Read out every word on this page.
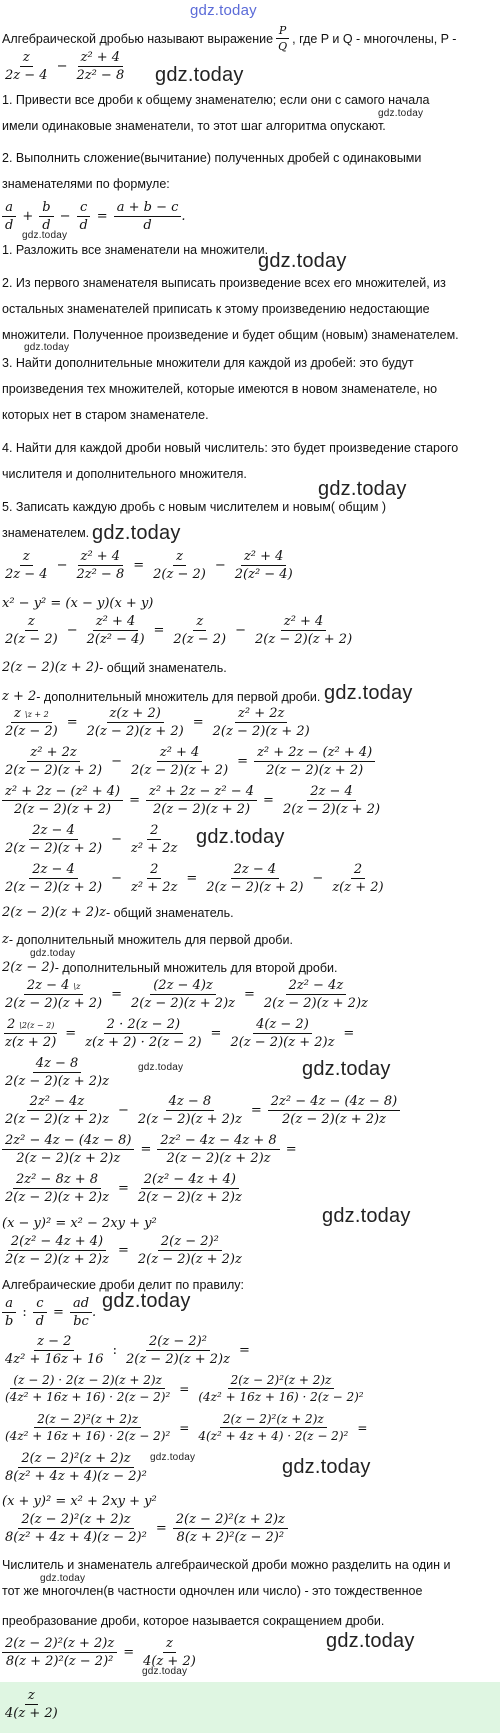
gdz.today
Алгебраической дробью называют выражение $\frac{P}{Q}$ , где P и Q - многочлены, P -
$\frac{z}{2z - 4} - \frac{\text{z² + 4}}{\text{2z² − 8}}$ gdz.today
1. Привести все дроби к общему знаменателю; если они с самого начала
gdz.today
имели одинаковые знаменатели, то этот шаг алгоритма опускают.
2. Выполнить сложение(вычитание) полученных дробей с одинаковыми
знаменателями по формуле:
$\frac{a}{d} + \frac{b}{d} - \frac{c}{d} = \frac{a + b - c}{d}$ .
gdz.today
1. Разложить все знаменатели на множители.
gdz.today
2. Из первого знаменателя выписать произведение всех его множителей, из
остальных знаменателей приписать к этому произведению недостающие
множители. Полученное произведение и будет общим (новым) знаменателем.
gdz.today
3. Найти дополнительные множители для каждой из дробей: это будут
произведения тех множителей, которые имеются в новом знаменателе, но
которых нет в старом знаменателе.
4. Найти для каждой дроби новый числитель: это будет произведение старого
числителя и дополнительного множителя.
gdz.today
5. Записать каждую дробь с новым числителем и новым( общим )
знаменателем. gdz.today
$\frac{z}{2z - 4} - \frac{\text{z² + 4}}{\text{2z² − 8}} = \frac{z}{2(z - 2)} - \frac{\text{z² + 4}}{\text{2(z² − 4)}}$
x² − y² = (x − y)(x + y)
$\frac{z}{2(z - 2)} - \frac{\text{z² + 4}}{\text{2(z² − 4)}} = \frac{z}{2(z - 2)} - \frac{\text{z² + 4}}{2(z - 2)(z + 2)}$
2(z − 2)(z + 2) - общий знаменатель.
z + 2 - дополнительный множитель для первой дроби. gdz.today
$\frac{z \backslash z + 2}{2(z - 2)} = \frac{z(z + 2)}{2(z - 2)(z + 2)} = \frac{\text{z² + 2z}}{2(z - 2)(z + 2)}$
$\frac{\text{z² + 2z}}{2(z - 2)(z + 2)} - \frac{\text{z² + 4}}{2(z - 2)(z + 2)} = \frac{\text{z² + 2z − (z² + 4)}}{2(z - 2)(z + 2)}$
$\frac{\text{z² + 2z − (z² + 4)}}{2(z - 2)(z + 2)} = \frac{\text{z² + 2z − z² − 4}}{2(z - 2)(z + 2)} = \frac{2z - 4}{2(z - 2)(z + 2)}$
$\frac{2z - 4}{2(z - 2)(z + 2)} - \frac{2}{\text{z² + 2z}}$ gdz.today
$\frac{2z - 4}{2(z - 2)(z + 2)} - \frac{2}{\text{z² + 2z}} = \frac{2z - 4}{2(z - 2)(z + 2)} - \frac{2}{z(z + 2)}$
2(z − 2)(z + 2)z - общий знаменатель.
z - дополнительный множитель для первой дроби.
gdz.today
2(z − 2) - дополнительный множитель для второй дроби.
$\frac{2z - 4 \backslash z}{2(z - 2)(z + 2)} = \frac{(2z - 4)z}{2(z - 2)(z + 2)z} = \frac{\text{2z² − 4z}}{2(z - 2)(z + 2)z}$
$\frac{2 \backslash 2(z - 2)}{z(z + 2)} = \frac{2 \cdot 2(z - 2)}{z(z + 2) \cdot 2(z - 2)} = \frac{4(z - 2)}{2(z - 2)(z + 2)z}$ =
$\frac{4z - 8}{2(z - 2)(z + 2)z}$	gdz.today	gdz.today
$\frac{\text{2z² − 4z}}{2(z - 2)(z + 2)z} - \frac{4z - 8}{2(z - 2)(z + 2)z} = \frac{\text{2z² − 4z − (4z − 8)}}{2(z - 2)(z + 2)z}$
$\frac{\text{2z² − 4z − (4z − 8)}}{2(z - 2)(z + 2)z} = \frac{\text{2z² − 4z − 4z + 8}}{2(z - 2)(z + 2)z}$ =
$\frac{\text{2z² − 8z + 8}}{2(z - 2)(z + 2)z} = \frac{\text{2(z² − 4z + 4)}}{2(z - 2)(z + 2)z}$
(x − y)² = x² − 2xy + y²	gdz.today
$\frac{\text{2(z² − 4z + 4)}}{2(z - 2)(z + 2)z} = \frac{\text{2(z − 2)²}}{2(z - 2)(z + 2)z}$
Алгебраические дроби делит по правилу:
$\frac{a}{b}$ : $\frac{c}{d} = \frac{ad}{bc}$ .
gdz.today
$\frac{z - 2}{\text{4z² + 16z + 16}}$ : $\frac{\text{2(z − 2)²}}{2(z - 2)(z + 2)z}$ =
$\frac{(z - 2) \cdot 2(z - 2)(z + 2)z}{\text{(4z² + 16z + 16) · 2(z − 2)²}} = \frac{\text{2(z − 2)²(z + 2)z}}{\text{(4z² + 16z + 16) · 2(z − 2)²}}$
$\frac{\text{2(z − 2)²(z + 2)z}}{\text{(4z² + 16z + 16) · 2(z − 2)²}} = \frac{\text{2(z − 2)²(z + 2)z}}{\text{4(z² + 4z + 4) · 2(z − 2)²}}$ =
$\frac{\text{2(z − 2)²(z + 2)z}}{\text{8(z² + 4z + 4)(z − 2)²}}$ gdz.today	gdz.today
(x + y)² = x² + 2xy + y²
$\frac{\text{2(z − 2)²(z + 2)z}}{\text{8(z² + 4z + 4)(z − 2)²}} = \frac{\text{2(z − 2)²(z + 2)z}}{\text{8(z + 2)²(z − 2)²}}$
Числитель и знаменатель алгебраической дроби можно разделить на один и
gdz.today
тот же многочлен(в частности одночлен или число) - это тождественное
преобразование дроби, которое называется сокращением дроби.
gdz.today
$\frac{\text{2(z − 2)²(z + 2)z}}{\text{8(z + 2)²(z − 2)²}} = \frac{z}{4(z + 2)}$
gdz.today
$\frac{z}{4(z + 2)}$
